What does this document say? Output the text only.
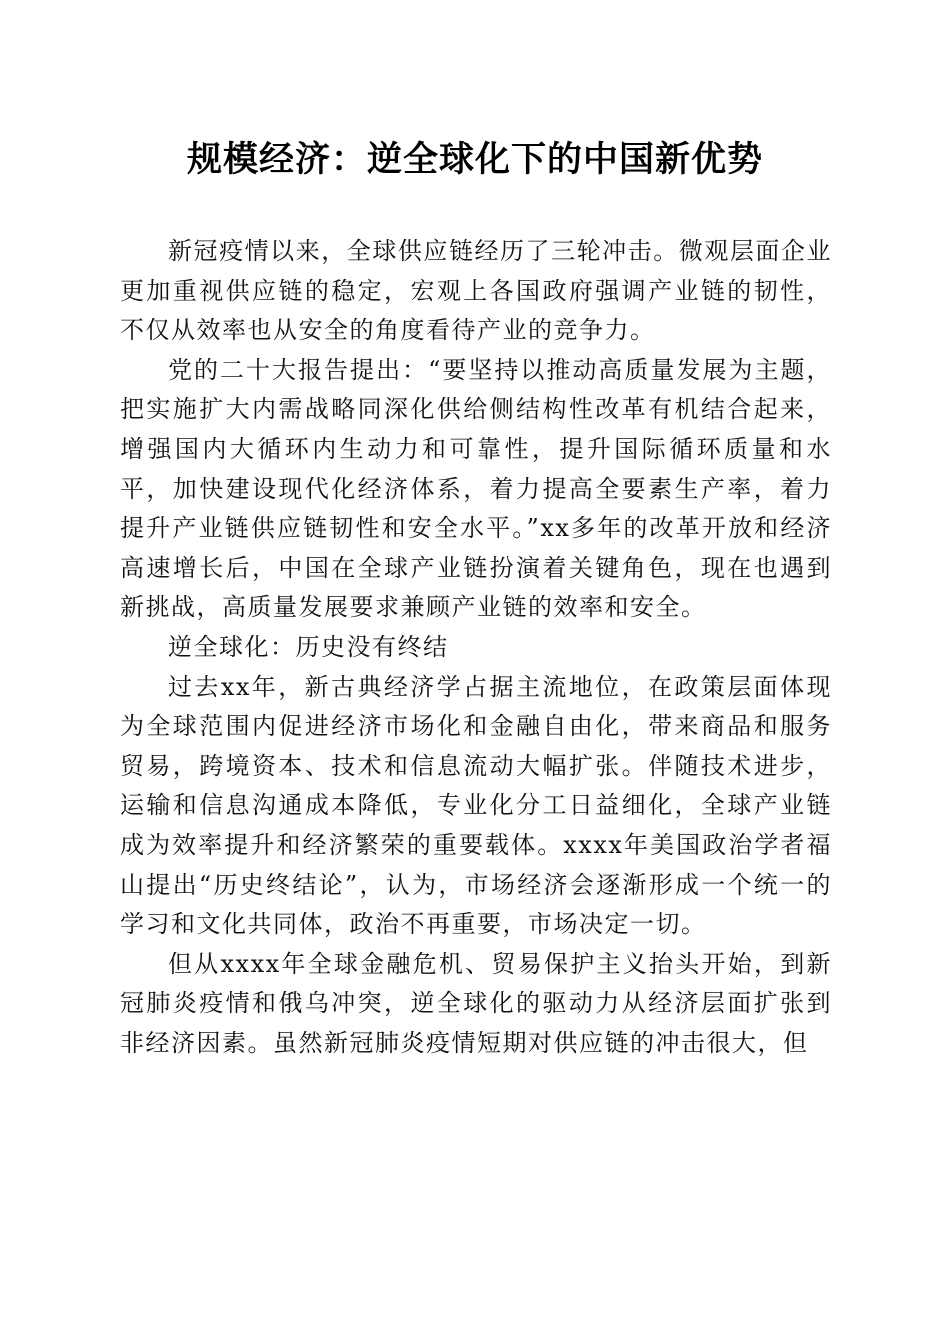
规模经济：逆全球化下的中国新优势

新冠疫情以来，全球供应链经历了三轮冲击。微观层面企业更加重视供应链的稳定，宏观上各国政府强调产业链的韧性，不仅从效率也从安全的角度看待产业的竞争力。

党的二十大报告提出：“要坚持以推动高质量发展为主题，把实施扩大内需战略同深化供给侧结构性改革有机结合起来，增强国内大循环内生动力和可靠性，提升国际循环质量和水平，加快建设现代化经济体系，着力提高全要素生产率，着力提升产业链供应链韧性和安全水平。”xx多年的改革开放和经济高速增长后，中国在全球产业链扮演着关键角色，现在也遇到新挑战，高质量发展要求兼顾产业链的效率和安全。

逆全球化：历史没有终结

过去xx年，新古典经济学占据主流地位，在政策层面体现为全球范围内促进经济市场化和金融自由化，带来商品和服务贸易，跨境资本、技术和信息流动大幅扩张。伴随技术进步，运输和信息沟通成本降低，专业化分工日益细化，全球产业链成为效率提升和经济繁荣的重要载体。xxxx年美国政治学者福山提出“历史终结论”，认为，市场经济会逐渐形成一个统一的学习和文化共同体，政治不再重要，市场决定一切。

但从xxxx年全球金融危机、贸易保护主义抬头开始，到新冠肺炎疫情和俄乌冲突，逆全球化的驱动力从经济层面扩张到非经济因素。虽然新冠肺炎疫情短期对供应链的冲击很大，但
